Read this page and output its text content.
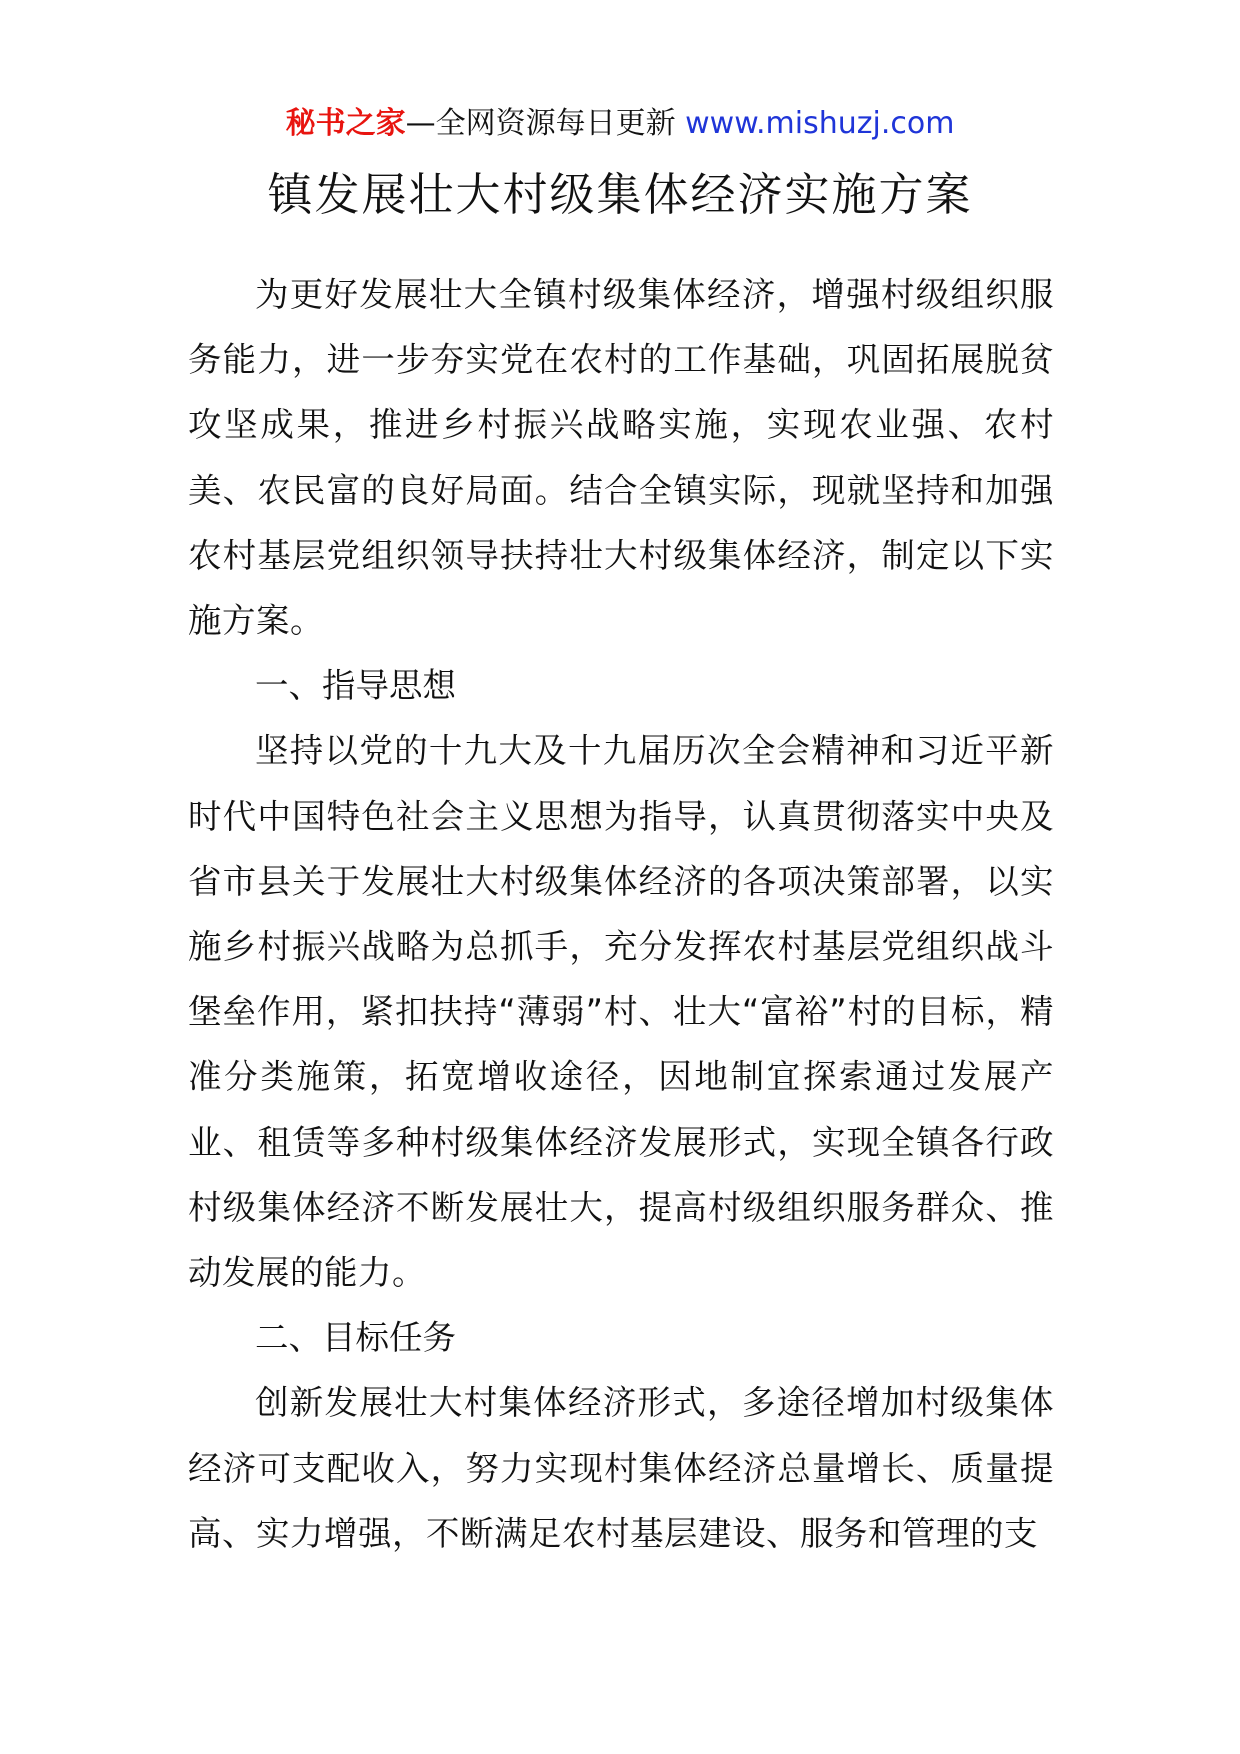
秘书之家—全网资源每日更新 www.mishuzj.com
镇发展壮大村级集体经济实施方案

为更好发展壮大全镇村级集体经济，增强村级组织服务能力，进一步夯实党在农村的工作基础，巩固拓展脱贫攻坚成果，推进乡村振兴战略实施，实现农业强、农村美、农民富的良好局面。结合全镇实际，现就坚持和加强农村基层党组织领导扶持壮大村级集体经济，制定以下实施方案。

一、指导思想

坚持以党的十九大及十九届历次全会精神和习近平新时代中国特色社会主义思想为指导，认真贯彻落实中央及省市县关于发展壮大村级集体经济的各项决策部署，以实施乡村振兴战略为总抓手，充分发挥农村基层党组织战斗堡垒作用，紧扣扶持“薄弱”村、壮大“富裕”村的目标，精准分类施策，拓宽增收途径，因地制宜探索通过发展产业、租赁等多种村级集体经济发展形式，实现全镇各行政村级集体经济不断发展壮大，提高村级组织服务群众、推动发展的能力。

二、目标任务

创新发展壮大村集体经济形式，多途径增加村级集体经济可支配收入，努力实现村集体经济总量增长、质量提高、实力增强，不断满足农村基层建设、服务和管理的支
